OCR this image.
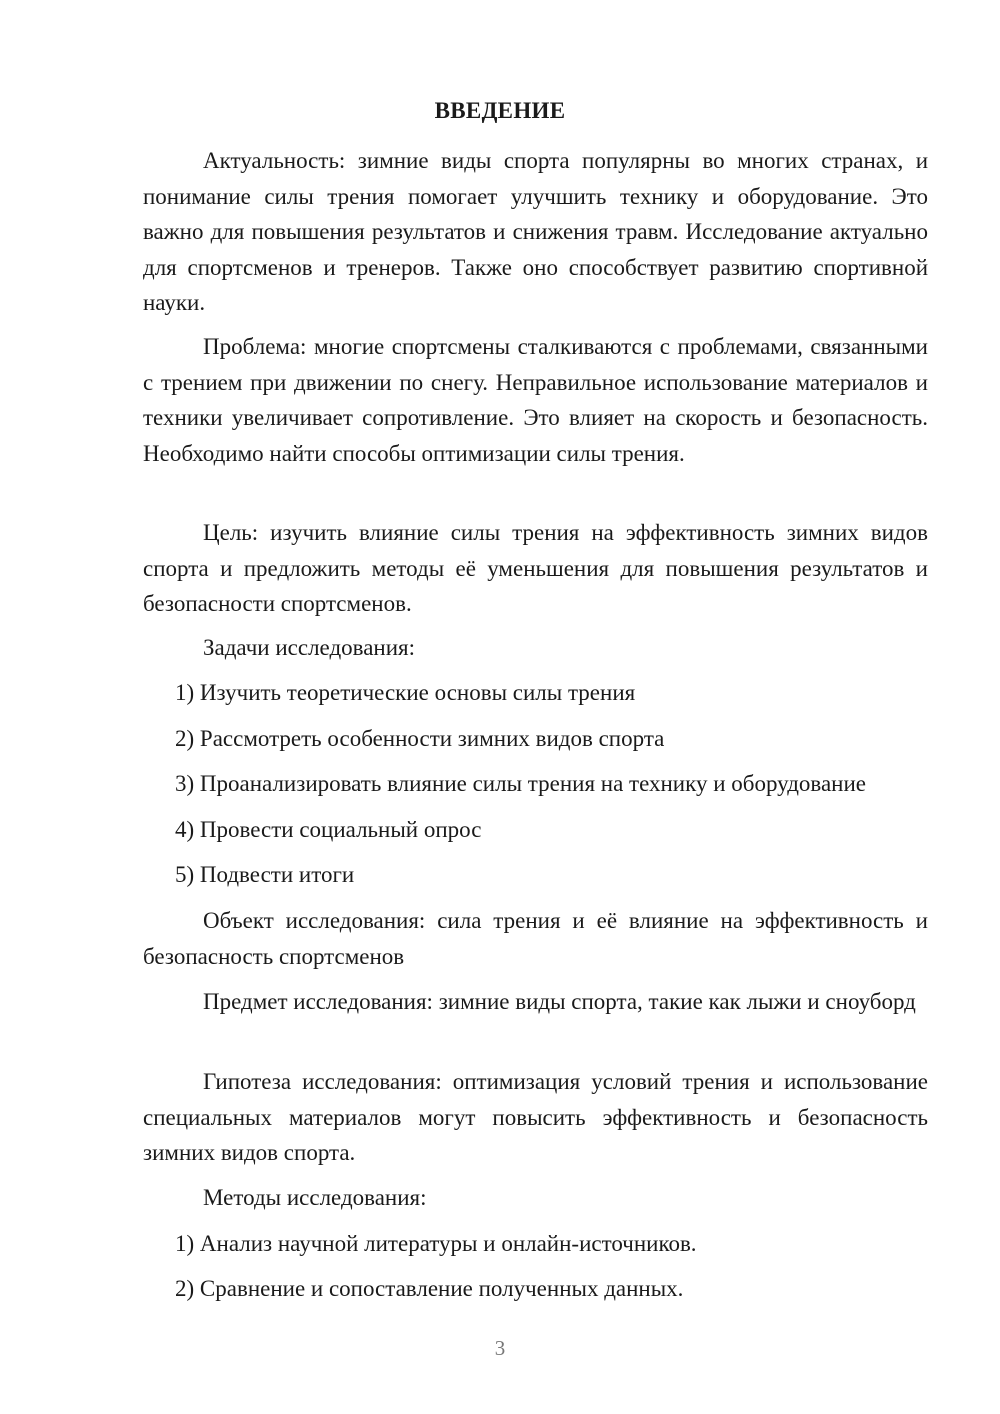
ВВЕДЕНИЕ
Актуальность: зимние виды спорта популярны во многих странах, и понимание силы трения помогает улучшить технику и оборудование. Это важно для повышения результатов и снижения травм. Исследование актуально для спортсменов и тренеров. Также оно способствует развитию спортивной науки.
Проблема: многие спортсмены сталкиваются с проблемами, связанными с трением при движении по снегу. Неправильное использование материалов и техники увеличивает сопротивление. Это влияет на скорость и безопасность. Необходимо найти способы оптимизации силы трения.
Цель: изучить влияние силы трения на эффективность зимних видов спорта и предложить методы её уменьшения для повышения результатов и безопасности спортсменов.
Задачи исследования:
1) Изучить теоретические основы силы трения
2) Рассмотреть особенности зимних видов спорта
3) Проанализировать влияние силы трения на технику и оборудование
4) Провести социальный опрос
5) Подвести итоги
Объект исследования: сила трения и её влияние на эффективность и безопасность спортсменов
Предмет исследования: зимние виды спорта, такие как лыжи и сноуборд
Гипотеза исследования: оптимизация условий трения и использование специальных материалов могут повысить эффективность и безопасность зимних видов спорта.
Методы исследования:
1) Анализ научной литературы и онлайн-источников.
2) Сравнение и сопоставление полученных данных.
3
